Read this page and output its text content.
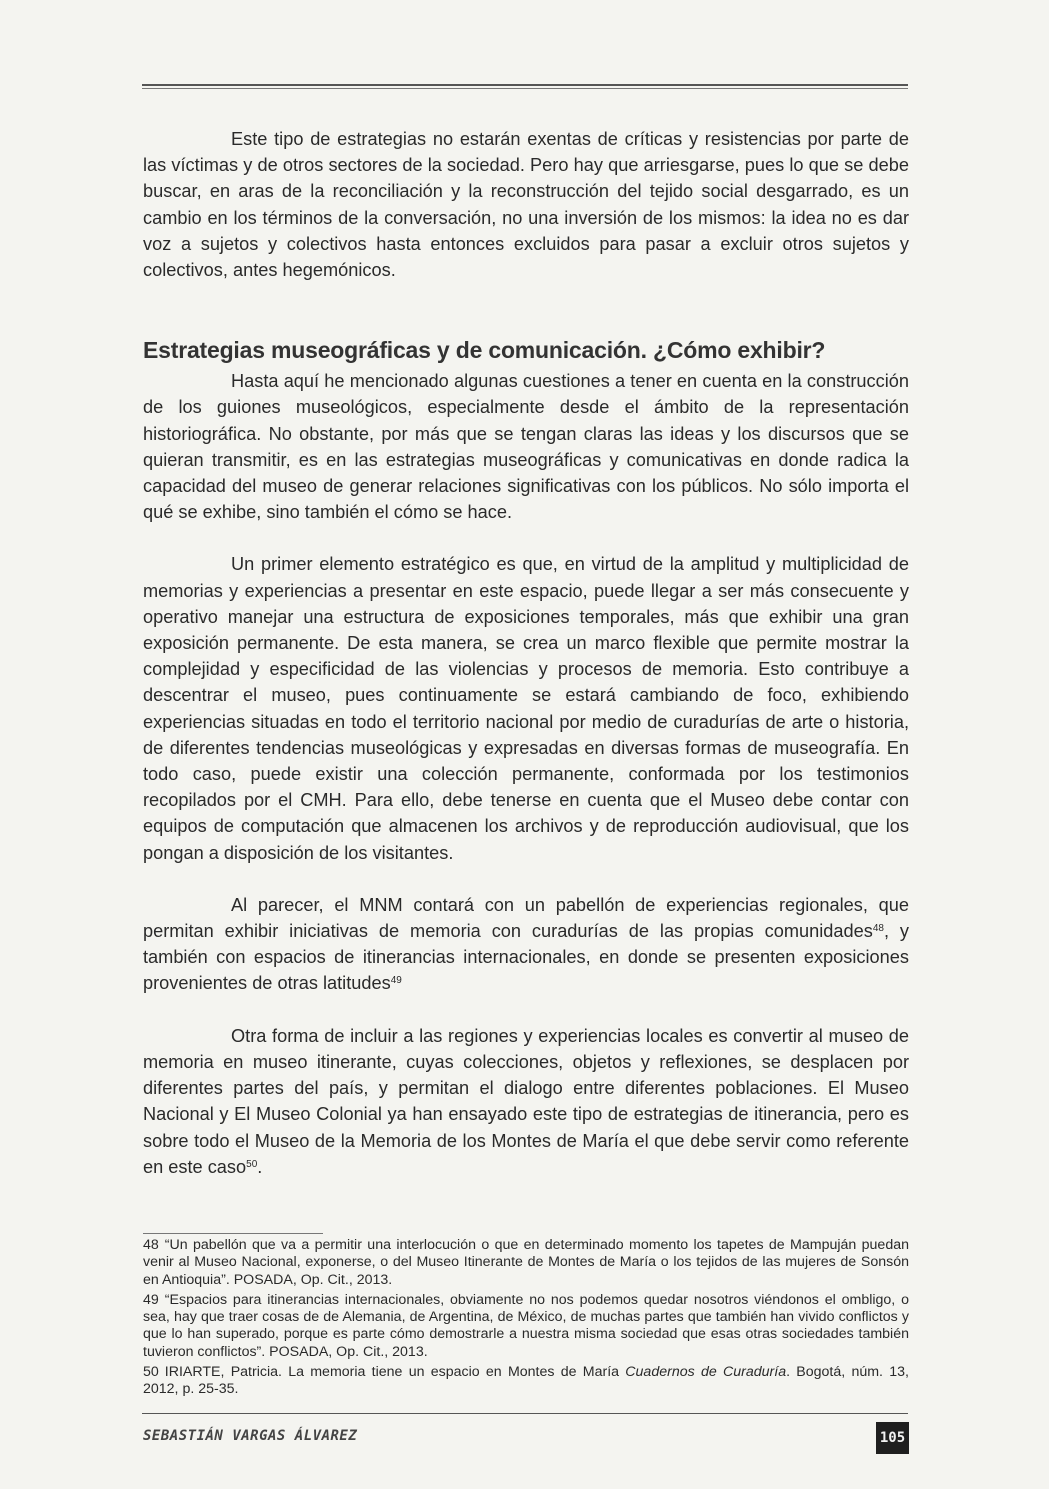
Este tipo de estrategias no estarán exentas de críticas y resistencias por parte de las víctimas y de otros sectores de la sociedad. Pero hay que arriesgarse, pues lo que se debe buscar, en aras de la reconciliación y la reconstrucción del tejido social desgarrado, es un cambio en los términos de la conversación, no una inversión de los mismos: la idea no es dar voz a sujetos y colectivos hasta entonces excluidos para pasar a excluir otros sujetos y colectivos, antes hegemónicos.

Estrategias museográficas y de comunicación. ¿Cómo exhibir?

Hasta aquí he mencionado algunas cuestiones a tener en cuenta en la construcción de los guiones museológicos, especialmente desde el ámbito de la representación historiográfica. No obstante, por más que se tengan claras las ideas y los discursos que se quieran transmitir, es en las estrategias museográficas y comunicativas en donde radica la capacidad del museo de generar relaciones significativas con los públicos. No sólo importa el qué se exhibe, sino también el cómo se hace.

Un primer elemento estratégico es que, en virtud de la amplitud y multiplicidad de memorias y experiencias a presentar en este espacio, puede llegar a ser más consecuente y operativo manejar una estructura de exposiciones temporales, más que exhibir una gran exposición permanente. De esta manera, se crea un marco flexible que permite mostrar la complejidad y especificidad de las violencias y procesos de memoria. Esto contribuye a descentrar el museo, pues continuamente se estará cambiando de foco, exhibiendo experiencias situadas en todo el territorio nacional por medio de curadurías de arte o historia, de diferentes tendencias museológicas y expresadas en diversas formas de museografía. En todo caso, puede existir una colección permanente, conformada por los testimonios recopilados por el CMH. Para ello, debe tenerse en cuenta que el Museo debe contar con equipos de computación que almacenen los archivos y de reproducción audiovisual, que los pongan a disposición de los visitantes.

Al parecer, el MNM contará con un pabellón de experiencias regionales, que permitan exhibir iniciativas de memoria con curadurías de las propias comunidades$^{48}$, y también con espacios de itinerancias internacionales, en donde se presenten exposiciones provenientes de otras latitudes$^{49}$

Otra forma de incluir a las regiones y experiencias locales es convertir al museo de memoria en museo itinerante, cuyas colecciones, objetos y reflexiones, se desplacen por diferentes partes del país, y permitan el dialogo entre diferentes poblaciones. El Museo Nacional y El Museo Colonial ya han ensayado este tipo de estrategias de itinerancia, pero es sobre todo el Museo de la Memoria de los Montes de María el que debe servir como referente en este caso$^{50}$.

48 “Un pabellón que va a permitir una interlocución o que en determinado momento los tapetes de Mampuján puedan venir al Museo Nacional, exponerse, o del Museo Itinerante de Montes de María o los tejidos de las mujeres de Sonsón en Antioquia”. POSADA, Op. Cit., 2013.

49 “Espacios para itinerancias internacionales, obviamente no nos podemos quedar nosotros viéndonos el ombligo, o sea, hay que traer cosas de de Alemania, de Argentina, de México, de muchas partes que también han vivido conflictos y que lo han superado, porque es parte cómo demostrarle a nuestra misma sociedad que esas otras sociedades también tuvieron conflictos”. POSADA, Op. Cit., 2013.

50 IRIARTE, Patricia. La memoria tiene un espacio en Montes de María Cuadernos de Curaduría. Bogotá, núm. 13, 2012, p. 25-35.

SEBASTIÁN VARGAS ÁLVAREZ	105
